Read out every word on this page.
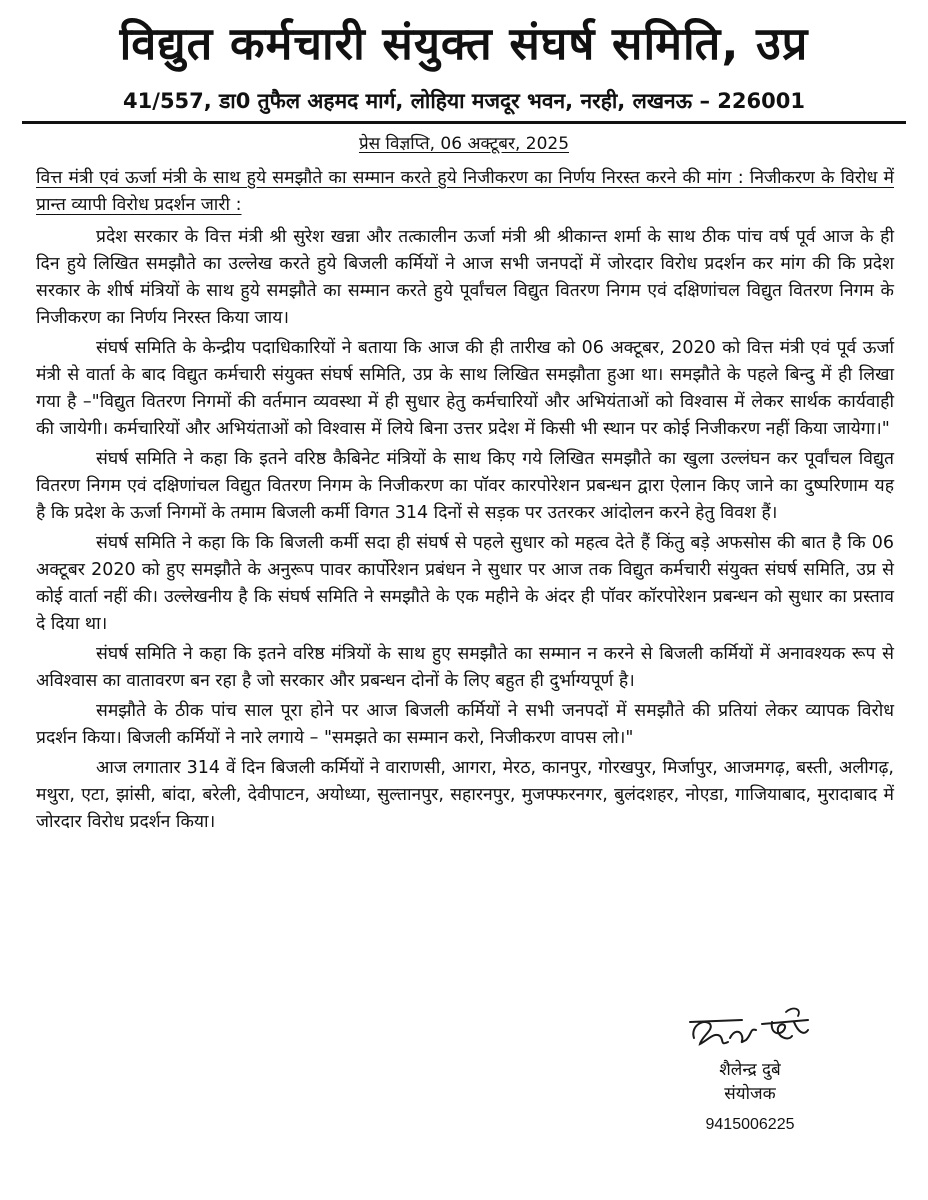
विद्युत कर्मचारी संयुक्त संघर्ष समिति, उप्र
41/557, डा0 तुफैल अहमद मार्ग, लोहिया मजदूर भवन, नरही, लखनऊ – 226001
प्रेस विज्ञप्ति, 06 अक्टूबर, 2025
वित्त मंत्री एवं ऊर्जा मंत्री के साथ हुये समझौते का सम्मान करते हुये निजीकरण का निर्णय निरस्त करने की मांग : निजीकरण के विरोध में प्रान्त व्यापी विरोध प्रदर्शन जारी :

प्रदेश सरकार के वित्त मंत्री श्री सुरेश खन्ना और तत्कालीन ऊर्जा मंत्री श्री श्रीकान्त शर्मा के साथ ठीक पांच वर्ष पूर्व आज के ही दिन हुये लिखित समझौते का उल्लेख करते हुये बिजली कर्मियों ने आज सभी जनपदों में जोरदार विरोध प्रदर्शन कर मांग की कि प्रदेश सरकार के शीर्ष मंत्रियों के साथ हुये समझौते का सम्मान करते हुये पूर्वांचल विद्युत वितरण निगम एवं दक्षिणांचल विद्युत वितरण निगम के निजीकरण का निर्णय निरस्त किया जाय।

संघर्ष समिति के केन्द्रीय पदाधिकारियों ने बताया कि आज की ही तारीख को 06 अक्टूबर, 2020 को वित्त मंत्री एवं पूर्व ऊर्जा मंत्री से वार्ता के बाद विद्युत कर्मचारी संयुक्त संघर्ष समिति, उप्र के साथ लिखित समझौता हुआ था। समझौते के पहले बिन्दु में ही लिखा गया है –"विद्युत वितरण निगमों की वर्तमान व्यवस्था में ही सुधार हेतु कर्मचारियों और अभियंताओं को विश्वास में लेकर सार्थक कार्यवाही की जायेगी। कर्मचारियों और अभियंताओं को विश्वास में लिये बिना उत्तर प्रदेश में किसी भी स्थान पर कोई निजीकरण नहीं किया जायेगा।"

संघर्ष समिति ने कहा कि इतने वरिष्ठ कैबिनेट मंत्रियों के साथ किए गये लिखित समझौते का खुला उल्लंघन कर पूर्वांचल विद्युत वितरण निगम एवं दक्षिणांचल विद्युत वितरण निगम के निजीकरण का पॉवर कारपोरेशन प्रबन्धन द्वारा ऐलान किए जाने का दुष्परिणाम यह है कि प्रदेश के ऊर्जा निगमों के तमाम बिजली कर्मी विगत 314 दिनों से सड़क पर उतरकर आंदोलन करने हेतु विवश हैं।

संघर्ष समिति ने कहा कि कि बिजली कर्मी सदा ही संघर्ष से पहले सुधार को महत्व देते हैं किंतु बड़े अफसोस की बात है कि 06 अक्टूबर 2020 को हुए समझौते के अनुरूप पावर कार्पोरेशन प्रबंधन ने सुधार पर आज तक विद्युत कर्मचारी संयुक्त संघर्ष समिति, उप्र से कोई वार्ता नहीं की। उल्लेखनीय है कि संघर्ष समिति ने समझौते के एक महीने के अंदर ही पॉवर कॉरपोरेशन प्रबन्धन को सुधार का प्रस्ताव दे दिया था।

संघर्ष समिति ने कहा कि इतने वरिष्ठ मंत्रियों के साथ हुए समझौते का सम्मान न करने से बिजली कर्मियों में अनावश्यक रूप से अविश्वास का वातावरण बन रहा है जो सरकार और प्रबन्धन दोनों के लिए बहुत ही दुर्भाग्यपूर्ण है।

समझौते के ठीक पांच साल पूरा होने पर आज बिजली कर्मियों ने सभी जनपदों में समझौते की प्रतियां लेकर व्यापक विरोध प्रदर्शन किया। बिजली कर्मियों ने नारे लगाये – "समझते का सम्मान करो, निजीकरण वापस लो।"

आज लगातार 314 वें दिन बिजली कर्मियों ने वाराणसी, आगरा, मेरठ, कानपुर, गोरखपुर, मिर्जापुर, आजमगढ़, बस्ती, अलीगढ़, मथुरा, एटा, झांसी, बांदा, बरेली, देवीपाटन, अयोध्या, सुल्तानपुर, सहारनपुर, मुजफ्फरनगर, बुलंदशहर, नोएडा, गाजियाबाद, मुरादाबाद में जोरदार विरोध प्रदर्शन किया।

शैलेन्द्र दुबे
संयोजक
9415006225
